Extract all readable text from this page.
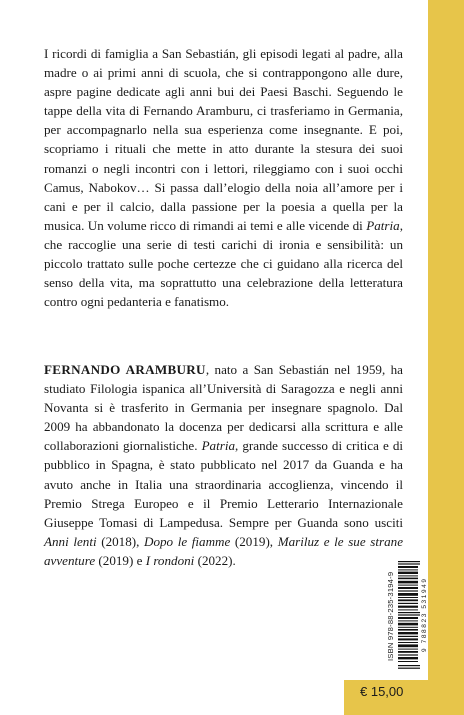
I ricordi di famiglia a San Sebastián, gli episodi legati al padre, alla madre o ai primi anni di scuola, che si contrappongono alle dure, aspre pagine dedicate agli anni bui dei Paesi Baschi. Seguendo le tappe della vita di Fernando Aramburu, ci trasferiamo in Germania, per accompagnarlo nella sua esperienza come insegnante. E poi, scopriamo i rituali che mette in atto durante la stesura dei suoi romanzi o negli incontri con i lettori, rileggiamo con i suoi occhi Camus, Nabokov… Si passa dall’elogio della noia all’amore per i cani e per il calcio, dalla passione per la poesia a quella per la musica. Un volume ricco di rimandi ai temi e alle vicende di Patria, che raccoglie una serie di testi carichi di ironia e sensibilità: un piccolo trattato sulle poche certezze che ci guidano alla ricerca del senso della vita, ma soprattutto una celebrazione della letteratura contro ogni pedanteria e fanatismo.
FERNANDO ARAMBURU, nato a San Sebastián nel 1959, ha studiato Filologia ispanica all’Università di Saragozza e negli anni Novanta si è trasferito in Germania per insegnare spagnolo. Dal 2009 ha abbandonato la docenza per dedicarsi alla scrittura e alle collaborazioni giornalistiche. Patria, grande successo di critica e di pubblico in Spagna, è stato pubblicato nel 2017 da Guanda e ha avuto anche in Italia una straordinaria accoglienza, vincendo il Premio Strega Europeo e il Premio Letterario Internazionale Giuseppe Tomasi di Lampedusa. Sempre per Guanda sono usciti Anni lenti (2018), Dopo le fiamme (2019), Mariluz e le sue strane avventure (2019) e I rondoni (2022).
ISBN 978-88-235-3194-9	9 788823 531949
€ 15,00
